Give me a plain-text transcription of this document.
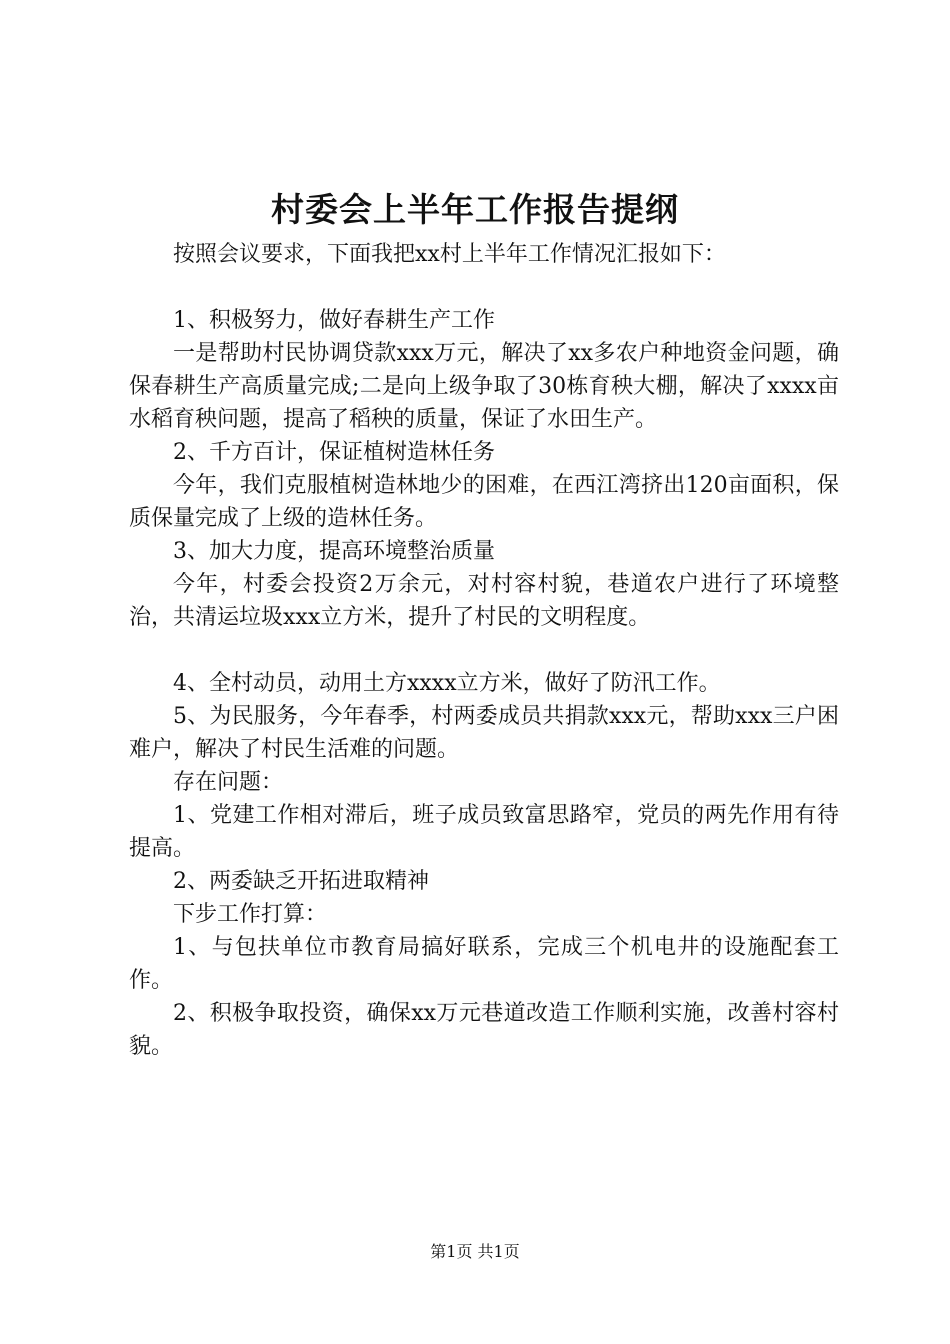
村委会上半年工作报告提纲

按照会议要求，下面我把xx村上半年工作情况汇报如下：

1、积极努力，做好春耕生产工作

一是帮助村民协调贷款xxx万元，解决了xx多农户种地资金问题，确保春耕生产高质量完成;二是向上级争取了30栋育秧大棚，解决了xxxx亩水稻育秧问题，提高了稻秧的质量，保证了水田生产。

2、千方百计，保证植树造林任务

今年，我们克服植树造林地少的困难，在西江湾挤出120亩面积，保质保量完成了上级的造林任务。

3、加大力度，提高环境整治质量

今年，村委会投资2万余元，对村容村貌，巷道农户进行了环境整治，共清运垃圾xxx立方米，提升了村民的文明程度。

4、全村动员，动用土方xxxx立方米，做好了防汛工作。

5、为民服务，今年春季，村两委成员共捐款xxx元，帮助xxx三户困难户，解决了村民生活难的问题。

存在问题：

1、党建工作相对滞后，班子成员致富思路窄，党员的两先作用有待提高。

2、两委缺乏开拓进取精神

下步工作打算：

1、与包扶单位市教育局搞好联系，完成三个机电井的设施配套工作。

2、积极争取投资，确保xx万元巷道改造工作顺利实施，改善村容村貌。

第1页 共1页
